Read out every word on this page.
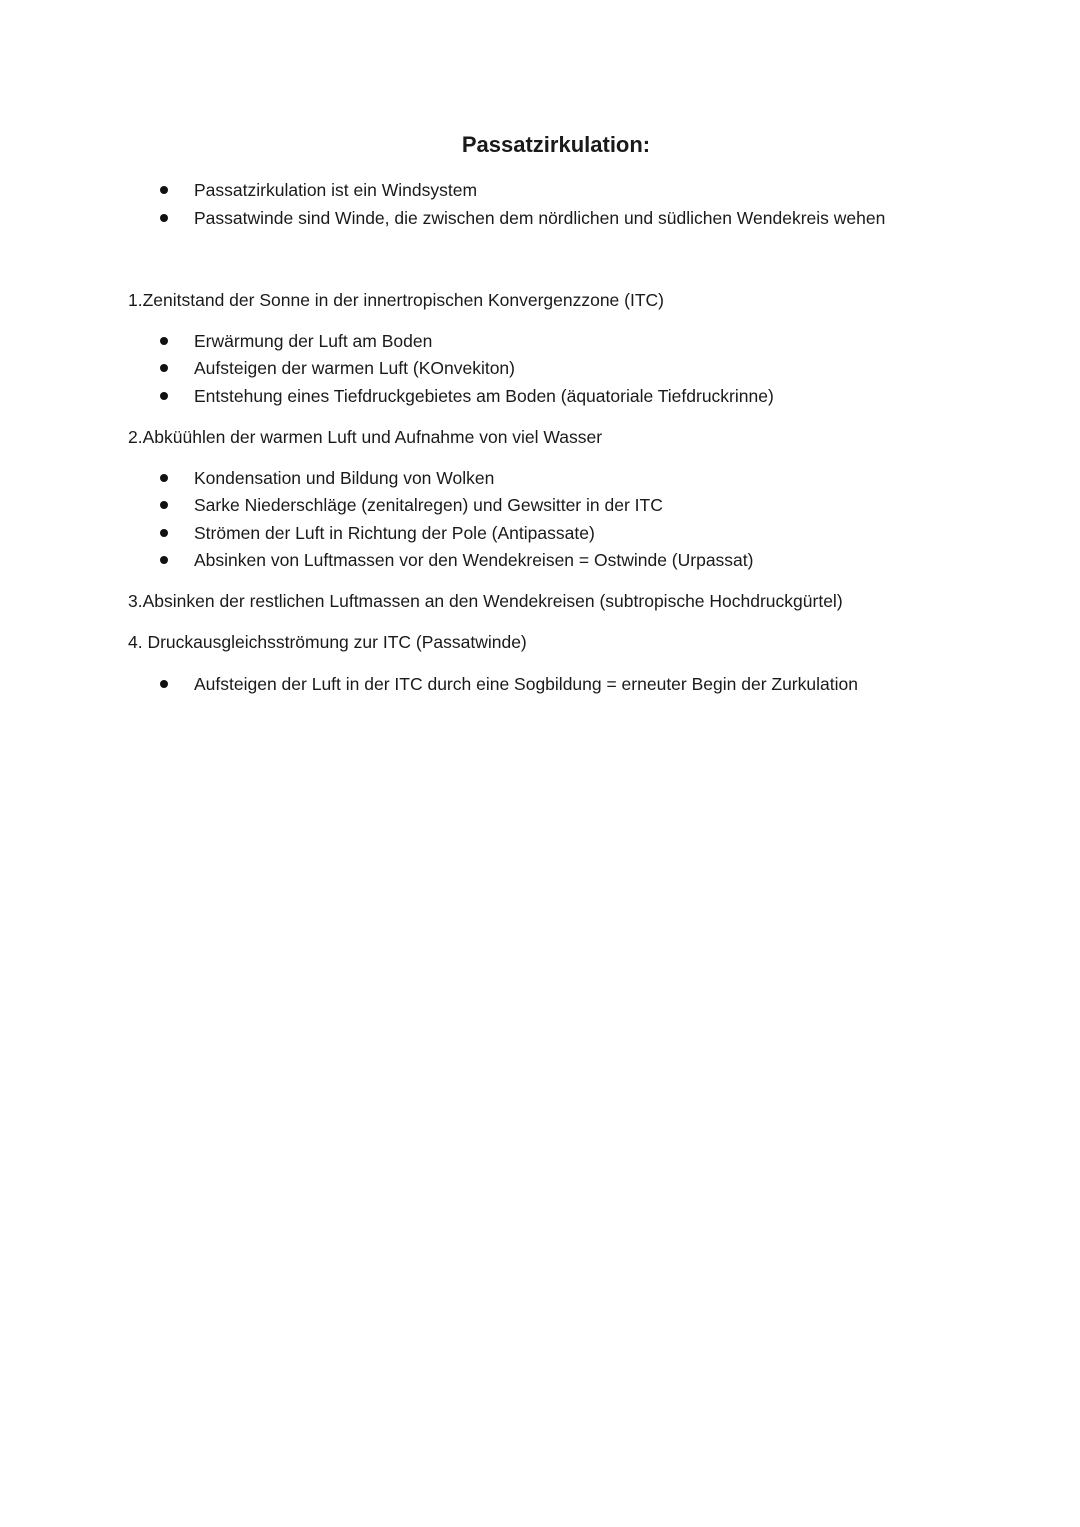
Passatzirkulation:
Passatzirkulation ist ein Windsystem
Passatwinde sind Winde, die zwischen dem nördlichen und südlichen Wendekreis wehen
1.Zenitstand der Sonne in der innertropischen Konvergenzzone (ITC)
Erwärmung der Luft am Boden
Aufsteigen der warmen Luft (KOnvekiton)
Entstehung eines Tiefdruckgebietes am Boden (äquatoriale Tiefdruckrinne)
2.Abküühlen der warmen Luft und Aufnahme von viel Wasser
Kondensation und Bildung von Wolken
Sarke Niederschläge (zenitalregen) und Gewsitter in der ITC
Strömen der Luft in Richtung der Pole (Antipassate)
Absinken von Luftmassen vor den Wendekreisen = Ostwinde (Urpassat)
3.Absinken der restlichen Luftmassen an den Wendekreisen (subtropische Hochdruckgürtel)
4. Druckausgleichsströmung zur ITC (Passatwinde)
Aufsteigen der Luft in der ITC durch eine Sogbildung = erneuter Begin der Zurkulation
